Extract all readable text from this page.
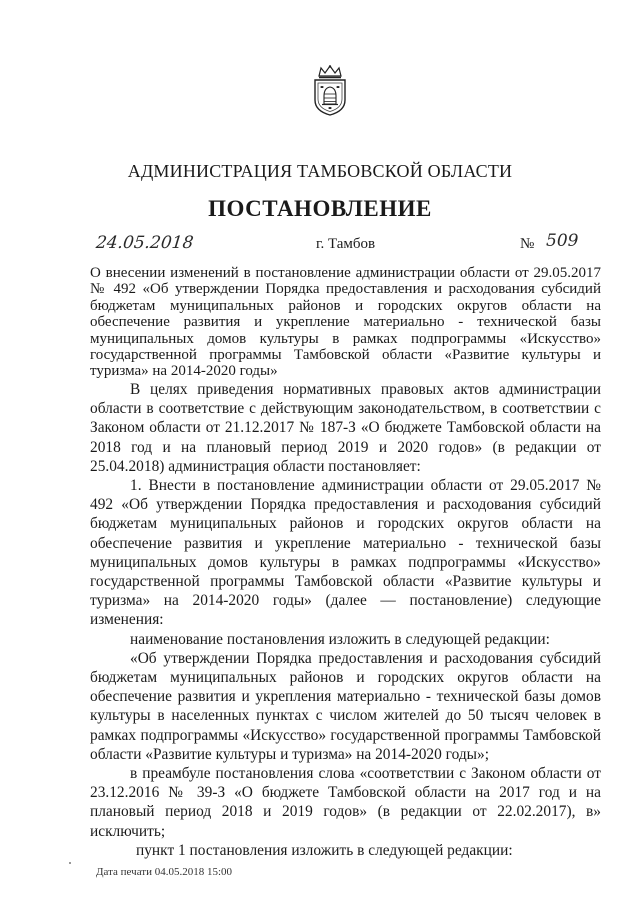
АДМИНИСТРАЦИЯ ТАМБОВСКОЙ ОБЛАСТИ
ПОСТАНОВЛЕНИЕ
24.05.2018	г. Тамбов	№ 509
О внесении изменений в постановление администрации области от 29.05.2017 № 492 «Об утверждении Порядка предоставления и расходования субсидий бюджетам муниципальных районов и городских округов области на обеспечение развития и укрепление материально - технической базы муниципальных домов культуры в рамках подпрограммы «Искусство» государственной программы Тамбовской области «Развитие культуры и туризма» на 2014-2020 годы»

В целях приведения нормативных правовых актов администрации области в соответствие с действующим законодательством, в соответствии с Законом области от 21.12.2017 № 187-З «О бюджете Тамбовской области на 2018 год и на плановый период 2019 и 2020 годов» (в редакции от 25.04.2018) администрация области постановляет:

1. Внести в постановление администрации области от 29.05.2017 № 492 «Об утверждении Порядка предоставления и расходования субсидий бюджетам муниципальных районов и городских округов области на обеспечение развития и укрепление материально - технической базы муниципальных домов культуры в рамках подпрограммы «Искусство» государственной программы Тамбовской области «Развитие культуры и туризма» на 2014-2020 годы» (далее — постановление) следующие изменения:

наименование постановления изложить в следующей редакции:

«Об утверждении Порядка предоставления и расходования субсидий бюджетам муниципальных районов и городских округов области на обеспечение развития и укрепления материально - технической базы домов культуры в населенных пунктах с числом жителей до 50 тысяч человек в рамках подпрограммы «Искусство» государственной программы Тамбовской области «Развитие культуры и туризма» на 2014-2020 годы»;

в преамбуле постановления слова «соответствии с Законом области от 23.12.2016 № 39-З «О бюджете Тамбовской области на 2017 год и на плановый период 2018 и 2019 годов» (в редакции от 22.02.2017), в» исключить;

пункт 1 постановления изложить в следующей редакции:

Дата печати 04.05.2018 15:00
